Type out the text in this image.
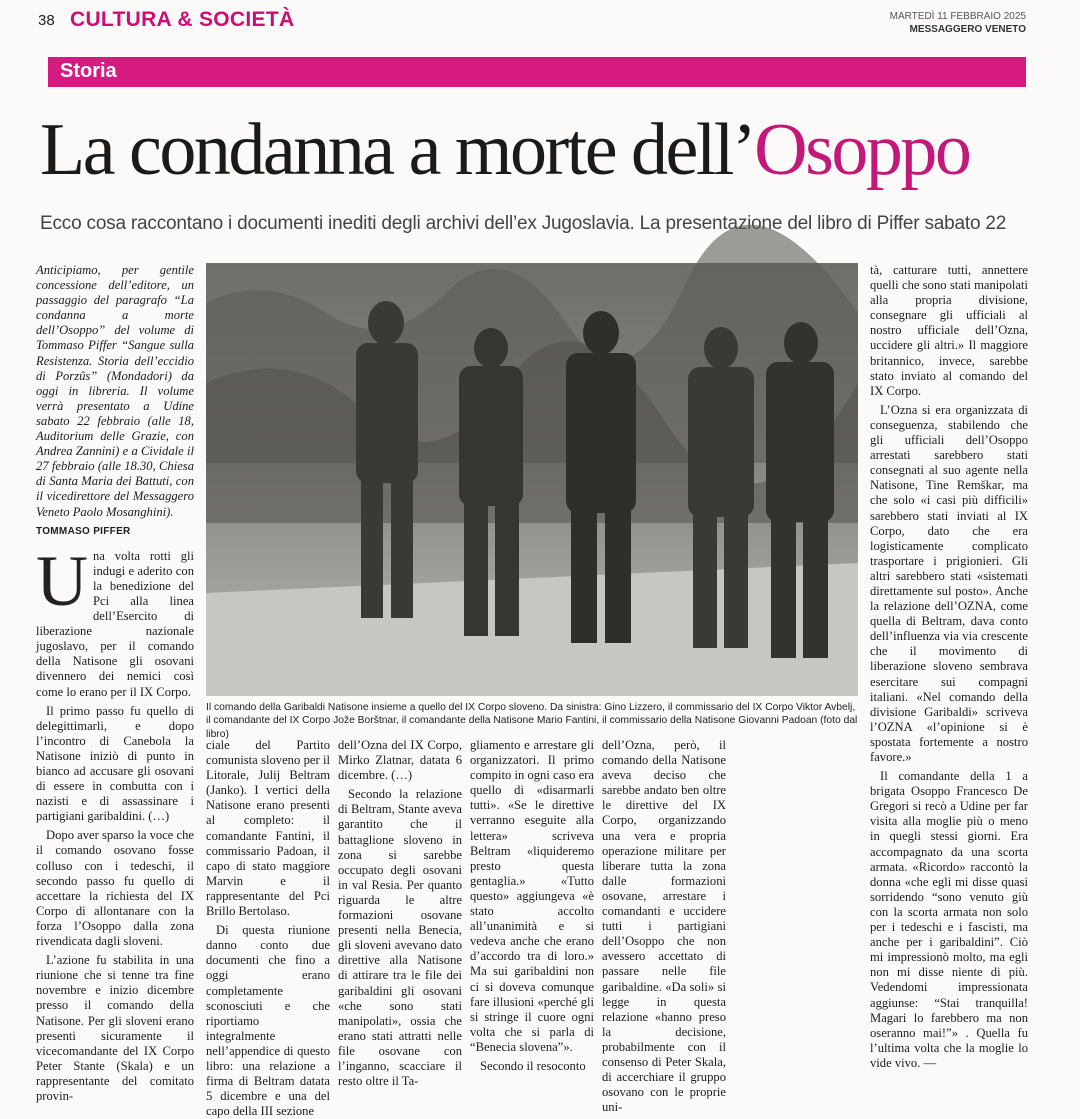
38 CULTURA & SOCIETÀ	MARTEDÌ 11 FEBBRAIO 2025
MESSAGGERO VENETO
Storia
La condanna a morte dell’Osoppo
Ecco cosa raccontano i documenti inediti degli archivi dell’ex Jugoslavia. La presentazione del libro di Piffer sabato 22

Anticipiamo, per gentile concessione dell’editore, un passaggio del paragrafo “La condanna a morte dell’Osoppo” del volume di Tommaso Piffer “Sangue sulla Resistenza. Storia dell’eccidio di Porzûs” (Mondadori) da oggi in libreria. Il volume verrà presentato a Udine sabato 22 febbraio (alle 18, Auditorium delle Grazie, con Andrea Zannini) e a Cividale il 27 febbraio (alle 18.30, Chiesa di Santa Maria dei Battuti, con il vicedirettore del Messaggero Veneto Paolo Mosanghini).

TOMMASO PIFFER

Una volta rotti gli indugi e aderito con la benedizione del Pci alla linea dell’Esercito di liberazione nazionale jugoslavo, per il comando della Natisone gli osovani divennero dei nemici così come lo erano per il IX Corpo.

Il primo passo fu quello di delegittimarli, e dopo l’incontro di Canebola la Natisone iniziò di punto in bianco ad accusare gli osovani di essere in combutta con i nazisti e di assassinare i partigiani garibaldini. (…)

Dopo aver sparso la voce che il comando osovano fosse colluso con i tedeschi, il secondo passo fu quello di accettare la richiesta del IX Corpo di allontanare con la forza l’Osoppo dalla zona rivendicata dagli sloveni.

L’azione fu stabilita in una riunione che si tenne tra fine novembre e inizio dicembre presso il comando della Natisone. Per gli sloveni erano presenti sicuramente il vicecomandante del IX Corpo Peter Stante (Skala) e un rappresentante del comitato provin-

Il comando della Garibaldi Natisone insieme a quello del IX Corpo sloveno. Da sinistra: Gino Lizzero, il commissario del IX Corpo Viktor Avbelj, il comandante del IX Corpo Jože Borštnar, il comandante della Natisone Mario Fantini, il commissario della Natisone Giovanni Padoan (foto dal libro)

ciale del Partito comunista sloveno per il Litorale, Julij Beltram (Janko). I vertici della Natisone erano presenti al completo: il comandante Fantini, il commissario Padoan, il capo di stato maggiore Marvin e il rappresentante del Pci Brillo Bertolaso.

Di questa riunione danno conto due documenti che fino a oggi erano completamente sconosciuti e che riportiamo integralmente nell’appendice di questo libro: una relazione a firma di Beltram datata 5 dicembre e una del capo della III sezione

dell’Ozna del IX Corpo, Mirko Zlatnar, datata 6 dicembre. (…)

Secondo la relazione di Beltram, Stante aveva garantito che il battaglione sloveno in zona si sarebbe occupato degli osovani in val Resia. Per quanto riguarda le altre formazioni osovane presenti nella Benecia, gli sloveni avevano dato direttive alla Natisone di attirare tra le file dei garibaldini gli osovani «che sono stati manipolati», ossia che erano stati attratti nelle file osovane con l’inganno, scacciare il resto oltre il Ta-

gliamento e arrestare gli organizzatori. Il primo compito in ogni caso era quello di «disarmarli tutti». «Se le direttive verranno eseguite alla lettera» scriveva Beltram «liquideremo presto questa gentaglia.» «Tutto questo» aggiungeva «è stato accolto all’unanimità e si vedeva anche che erano d’accordo tra di loro.» Ma sui garibaldini non ci si doveva comunque fare illusioni «perché gli si stringe il cuore ogni volta che si parla di “Benecia slovena”».

Secondo il resoconto

dell’Ozna, però, il comando della Natisone aveva deciso che sarebbe andato ben oltre le direttive del IX Corpo, organizzando una vera e propria operazione militare per liberare tutta la zona dalle formazioni osovane, arrestare i comandanti e uccidere tutti i partigiani dell’Osoppo che non avessero accettato di passare nelle file garibaldine. «Da soli» si legge in questa relazione «hanno preso la decisione, probabilmente con il consenso di Peter Skala, di accerchiare il gruppo osovano con le proprie uni-

tà, catturare tutti, annettere quelli che sono stati manipolati alla propria divisione, consegnare gli ufficiali al nostro ufficiale dell’Ozna, uccidere gli altri.» Il maggiore britannico, invece, sarebbe stato inviato al comando del IX Corpo.

L’Ozna si era organizzata di conseguenza, stabilendo che gli ufficiali dell’Osoppo arrestati sarebbero stati consegnati al suo agente nella Natisone, Tine Remškar, ma che solo «i casi più difficili» sarebbero stati inviati al IX Corpo, dato che era logisticamente complicato trasportare i prigionieri. Gli altri sarebbero stati «sistemati direttamente sul posto». Anche la relazione dell’OZNA, come quella di Beltram, dava conto dell’influenza via via crescente che il movimento di liberazione sloveno sembrava esercitare sui compagni italiani. «Nel comando della divisione Garibaldi» scriveva l’OZNA «l’opinione si è spostata fortemente a nostro favore.»

Il comandante della 1 a brigata Osoppo Francesco De Gregori si recò a Udine per far visita alla moglie più o meno in quegli stessi giorni. Era accompagnato da una scorta armata. «Ricordo» raccontò la donna «che egli mi disse quasi sorridendo “sono venuto giù con la scorta armata non solo per i tedeschi e i fascisti, ma anche per i garibaldini”. Ciò mi impressionò molto, ma egli non mi disse niente di più. Vedendomi impressionata aggiunse: “Stai tranquilla! Magari lo farebbero ma non oseranno mai!”» . Quella fu l’ultima volta che la moglie lo vide vivo. —
